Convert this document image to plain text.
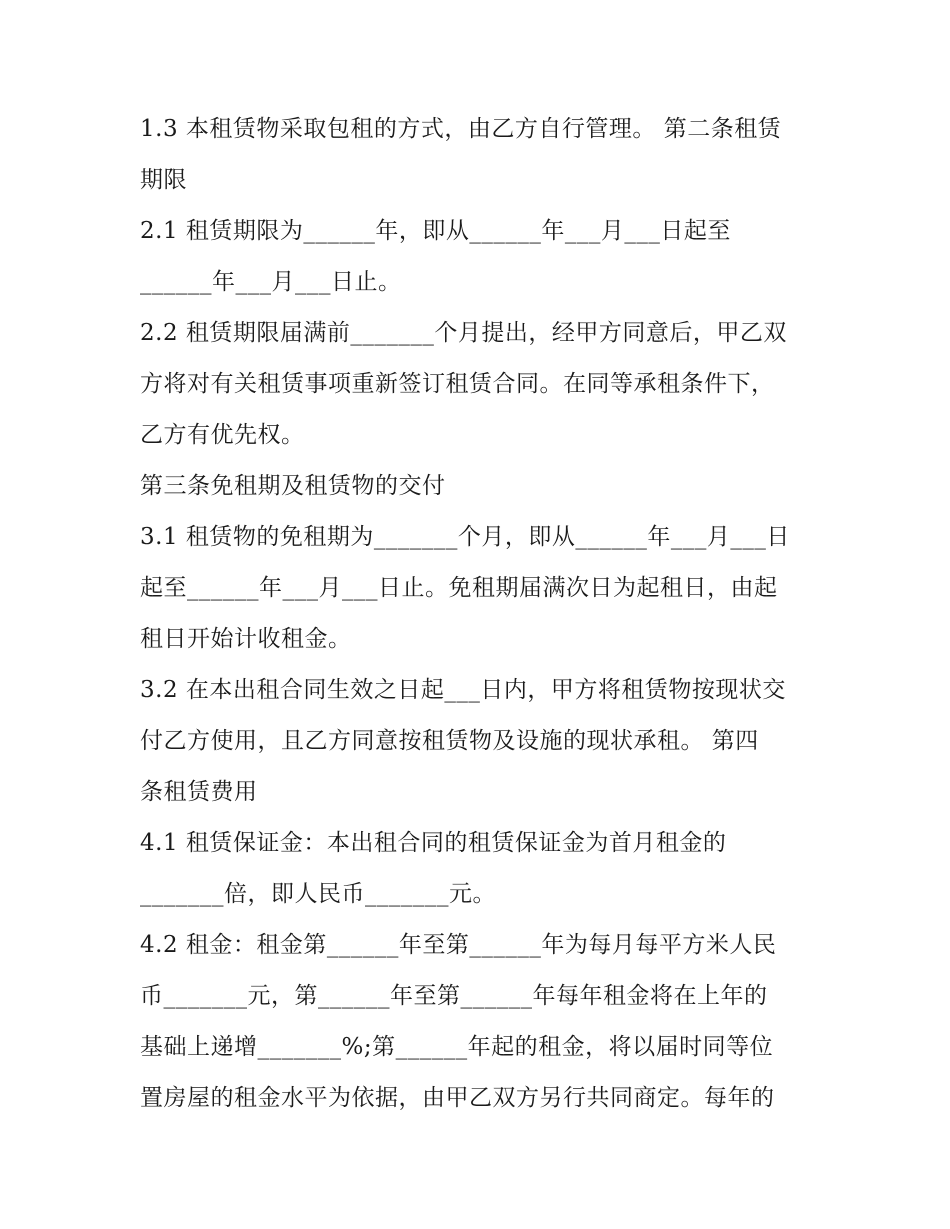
1.3 本租赁物采取包租的方式，由乙方自行管理。 第二条租赁
期限
2.1 租赁期限为______年，即从______年___月___日起至
______年___月___日止。
2.2 租赁期限届满前_______个月提出，经甲方同意后，甲乙双
方将对有关租赁事项重新签订租赁合同。在同等承租条件下，
乙方有优先权。
第三条免租期及租赁物的交付
3.1 租赁物的免租期为_______个月，即从______年___月___日
起至______年___月___日止。免租期届满次日为起租日，由起
租日开始计收租金。
3.2 在本出租合同生效之日起___日内，甲方将租赁物按现状交
付乙方使用，且乙方同意按租赁物及设施的现状承租。 第四
条租赁费用
4.1 租赁保证金：本出租合同的租赁保证金为首月租金的
_______倍，即人民币_______元。
4.2 租金：租金第______年至第______年为每月每平方米人民
币_______元，第______年至第______年每年租金将在上年的
基础上递增_______%;第______年起的租金，将以届时同等位
置房屋的租金水平为依据，由甲乙双方另行共同商定。每年的
